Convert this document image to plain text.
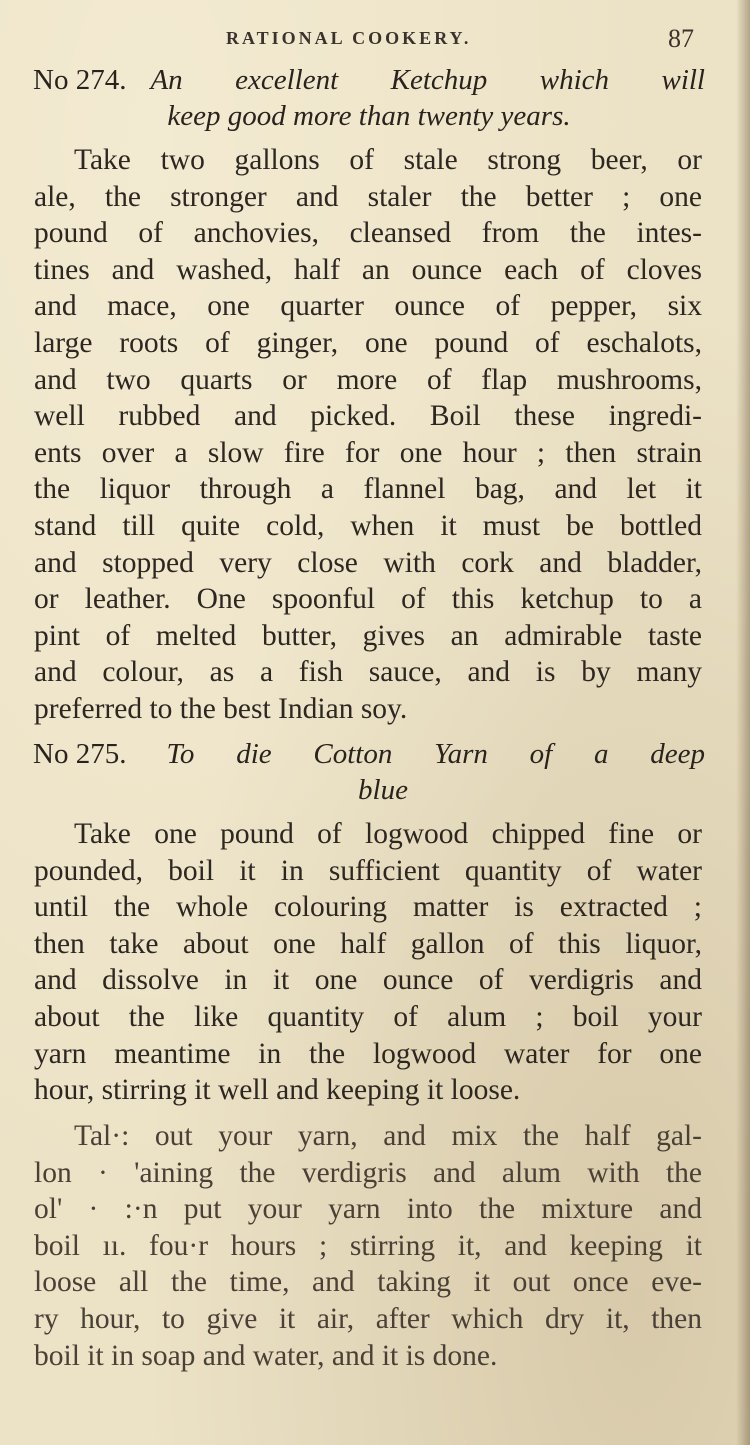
RATIONAL COOKERY.	87
No 274. An excellent Ketchup which will
keep good more than twenty years.
Take two gallons of stale strong beer, or
ale, the stronger and staler the better ; one
pound of anchovies, cleansed from the intes-
tines and washed, half an ounce each of cloves
and mace, one quarter ounce of pepper, six
large roots of ginger, one pound of eschalots,
and two quarts or more of flap mushrooms,
well rubbed and picked. Boil these ingredi-
ents over a slow fire for one hour ; then strain
the liquor through a flannel bag, and let it
stand till quite cold, when it must be bottled
and stopped very close with cork and bladder,
or leather. One spoonful of this ketchup to a
pint of melted butter, gives an admirable taste
and colour, as a fish sauce, and is by many
preferred to the best Indian soy.
No 275. To die Cotton Yarn of a deep
blue
Take one pound of logwood chipped fine or
pounded, boil it in sufficient quantity of water
until the whole colouring matter is extracted ;
then take about one half gallon of this liquor,
and dissolve in it one ounce of verdigris and
about the like quantity of alum ; boil your
yarn meantime in the logwood water for one
hour, stirring it well and keeping it loose.
Tal·: out your yarn, and mix the half gal-
lon · 'aining the verdigris and alum with the
ol' · :·n put your yarn into the mixture and
boil ıı. fou·r hours ; stirring it, and keeping it
loose all the time, and taking it out once eve-
ry hour, to give it air, after which dry it, then
boil it in soap and water, and it is done.
